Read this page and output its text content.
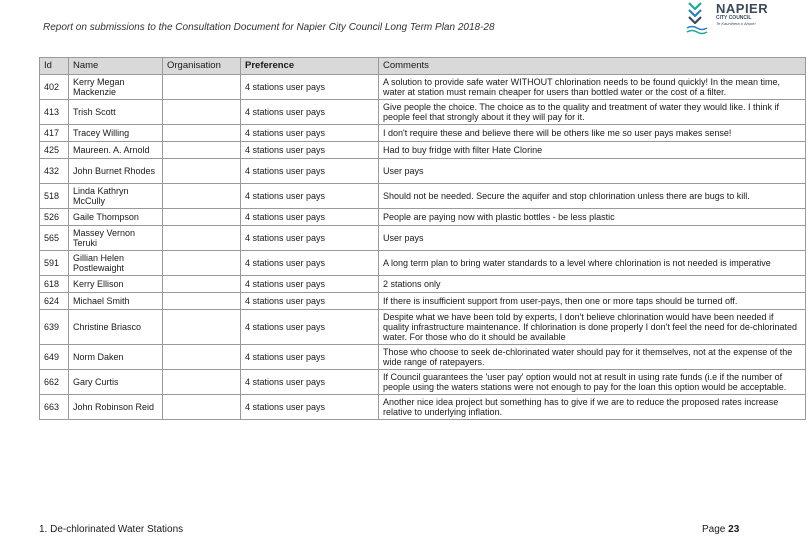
Report on submissions to the Consultation Document for Napier City Council Long Term Plan 2018-28
NAPIER
CITY COUNCIL
Te Kaunihera o Ahuriri
Id	Name	Organisation	Preference	Comments
402	Kerry Megan Mackenzie		4 stations user pays	A solution to provide safe water WITHOUT chlorination needs to be found quickly! In the mean time, water at station must remain cheaper for users than bottled water or the cost of a filter.
413	Trish Scott		4 stations user pays	Give people the choice. The choice as to the quality and treatment of water they would like. I think if people feel that strongly about it they will pay for it.
417	Tracey Willing		4 stations user pays	I don't require these and believe there will be others like me so user pays makes sense!
425	Maureen. A. Arnold		4 stations user pays	Had to buy fridge with filter Hate Clorine
432	John Burnet Rhodes		4 stations user pays	User pays
518	Linda Kathryn McCully		4 stations user pays	Should not be needed. Secure the aquifer and stop chlorination unless there are bugs to kill.
526	Gaile Thompson		4 stations user pays	People are paying now with plastic bottles - be less plastic
565	Massey Vernon Teruki		4 stations user pays	User pays
591	Gillian Helen Postlewaight		4 stations user pays	A long term plan to bring water standards to a level where chlorination is not needed is imperative
618	Kerry Ellison		4 stations user pays	2 stations only
624	Michael Smith		4 stations user pays	If there is insufficient support from user-pays, then one or more taps should be turned off.
639	Christine Briasco		4 stations user pays	Despite what we have been told by experts, I don't believe chlorination would have been needed if quality infrastructure maintenance. If chlorination is done properly I don't feel the need for de-chlorinated water. For those who do it should be available
649	Norm Daken		4 stations user pays	Those who choose to seek de-chlorinated water should pay for it themselves, not at the expense of the wide range of ratepayers.
662	Gary Curtis		4 stations user pays	If Council guarantees the 'user pay' option would not at result in using rate funds (i.e if the number of people using the waters stations were not enough to pay for the loan this option would be acceptable.
663	John Robinson Reid		4 stations user pays	Another nice idea project but something has to give if we are to reduce the proposed rates increase relative to underlying inflation.
1. De-chlorinated Water Stations	Page 23
